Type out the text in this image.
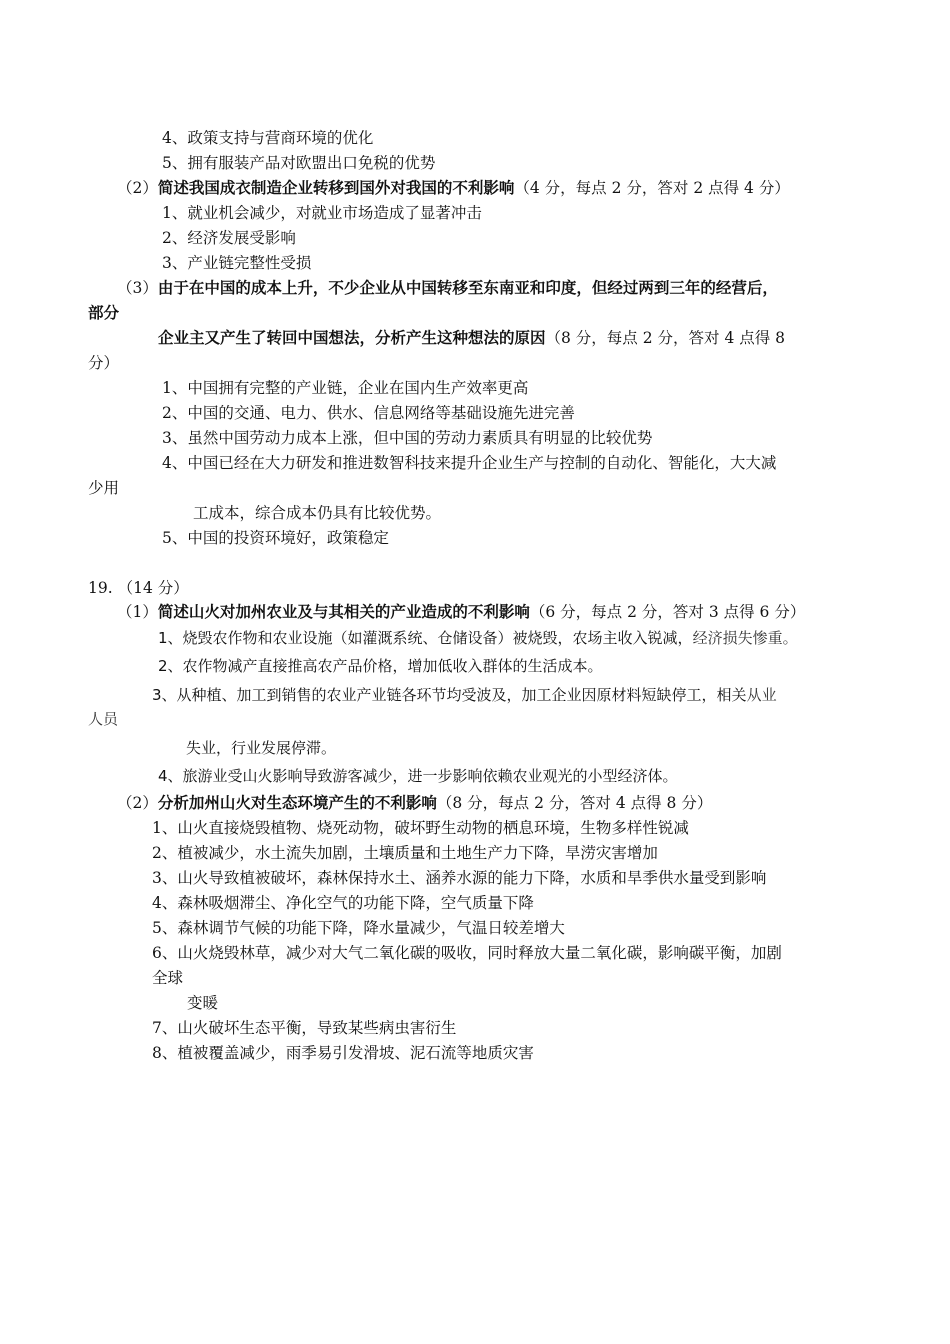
4、政策支持与营商环境的优化
5、拥有服装产品对欧盟出口免税的优势
（2）简述我国成衣制造企业转移到国外对我国的不利影响（4 分，每点 2 分，答对 2 点得 4 分）
1、就业机会减少，对就业市场造成了显著冲击
2、经济发展受影响
3、产业链完整性受损
（3）由于在中国的成本上升，不少企业从中国转移至东南亚和印度，但经过两到三年的经营后，
部分
企业主又产生了转回中国想法，分析产生这种想法的原因（8 分，每点 2 分，答对 4 点得 8
分）
1、中国拥有完整的产业链，企业在国内生产效率更高
2、中国的交通、电力、供水、信息网络等基础设施先进完善
3、虽然中国劳动力成本上涨，但中国的劳动力素质具有明显的比较优势
4、中国已经在大力研发和推进数智科技来提升企业生产与控制的自动化、智能化，大大减
少用
工成本，综合成本仍具有比较优势。
5、中国的投资环境好，政策稳定
19. （14 分）
（1）简述山火对加州农业及与其相关的产业造成的不利影响（6 分，每点 2 分，答对 3 点得 6 分）
1、烧毁农作物和农业设施（如灌溉系统、仓储设备）被烧毁，农场主收入锐减，经济损失惨重。
2、农作物减产直接推高农产品价格，增加低收入群体的生活成本。
3、从种植、加工到销售的农业产业链各环节均受波及，加工企业因原材料短缺停工，相关从业
人员
失业，行业发展停滞。
4、旅游业受山火影响导致游客减少，进一步影响依赖农业观光的小型经济体。
（2）分析加州山火对生态环境产生的不利影响（8 分，每点 2 分，答对 4 点得 8 分）
1、山火直接烧毁植物、烧死动物，破坏野生动物的栖息环境，生物多样性锐减
2、植被减少，水土流失加剧，土壤质量和土地生产力下降，旱涝灾害增加
3、山火导致植被破坏，森林保持水土、涵养水源的能力下降，水质和旱季供水量受到影响
4、森林吸烟滞尘、净化空气的功能下降，空气质量下降
5、森林调节气候的功能下降，降水量减少，气温日较差增大
6、山火烧毁林草，减少对大气二氧化碳的吸收，同时释放大量二氧化碳，影响碳平衡，加剧
全球
变暖
7、山火破坏生态平衡，导致某些病虫害衍生
8、植被覆盖减少，雨季易引发滑坡、泥石流等地质灾害
